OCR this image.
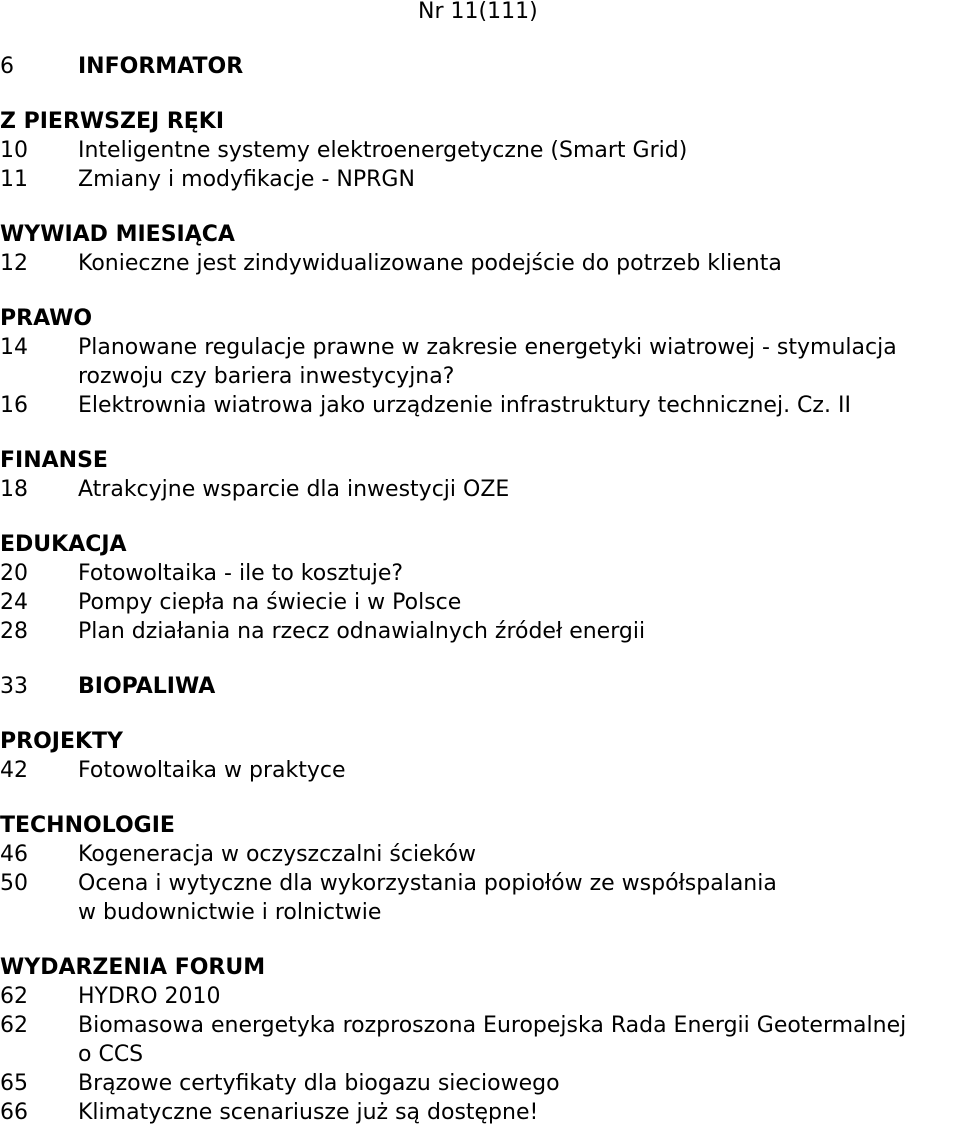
Nr 11(111)
6	INFORMATOR
Z PIERWSZEJ RĘKI
10	Inteligentne systemy elektroenergetyczne (Smart Grid)
11	Zmiany i modyfikacje - NPRGN
WYWIAD MIESIĄCA
12	Konieczne jest zindywidualizowane podejście do potrzeb klienta
PRAWO
14	Planowane regulacje prawne w zakresie energetyki wiatrowej - stymulacja
rozwoju czy bariera inwestycyjna?
16	Elektrownia wiatrowa jako urządzenie infrastruktury technicznej. Cz. II
FINANSE
18	Atrakcyjne wsparcie dla inwestycji OZE
EDUKACJA
20	Fotowoltaika - ile to kosztuje?
24	Pompy ciepła na świecie i w Polsce
28	Plan działania na rzecz odnawialnych źródeł energii
33	BIOPALIWA
PROJEKTY
42	Fotowoltaika w praktyce
TECHNOLOGIE
46	Kogeneracja w oczyszczalni ścieków
50	Ocena i wytyczne dla wykorzystania popiołów ze współspalania
w budownictwie i rolnictwie
WYDARZENIA FORUM
62	HYDRO 2010
62	Biomasowa energetyka rozproszona Europejska Rada Energii Geotermalnej
o CCS
65	Brązowe certyfikaty dla biogazu sieciowego
66	Klimatyczne scenariusze już są dostępne!
